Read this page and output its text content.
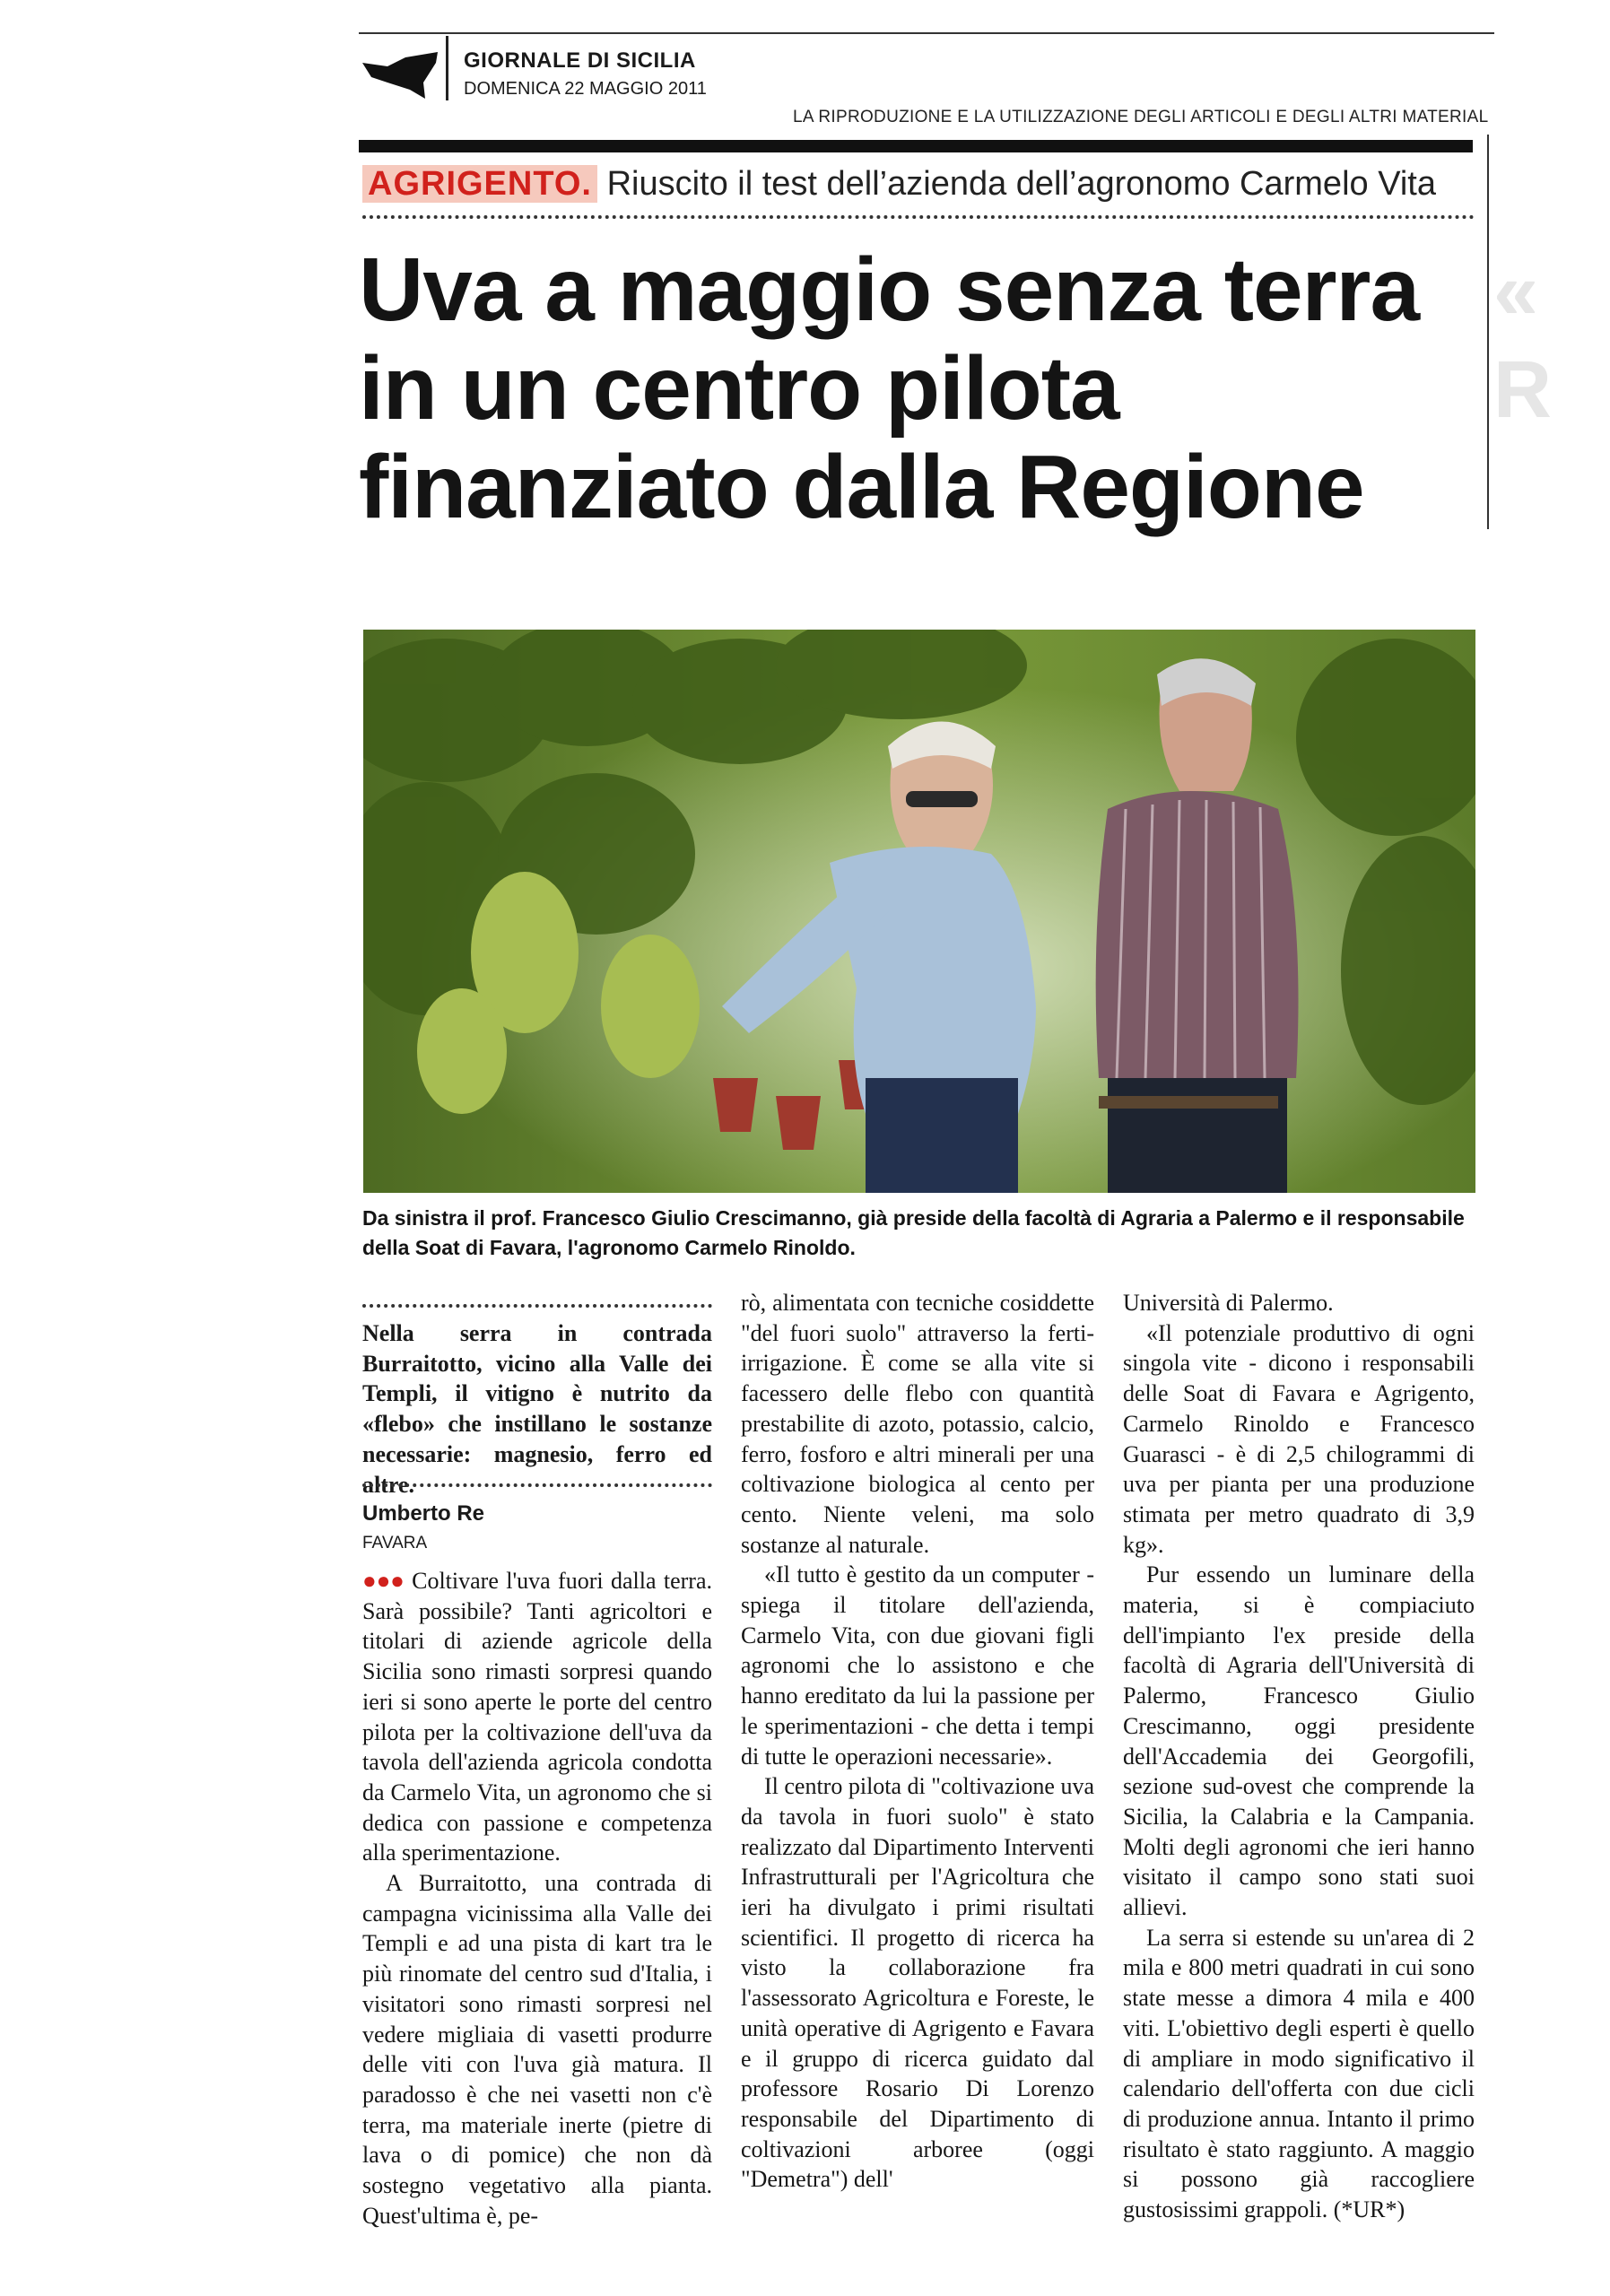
GIORNALE DI SICILIA
DOMENICA 22 MAGGIO 2011
LA RIPRODUZIONE E LA UTILIZZAZIONE DEGLI ARTICOLI E DEGLI ALTRI MATERIAL
«
R
AGRIGENTO. Riuscito il test dell’azienda dell’agronomo Carmelo Vita
Uva a maggio senza terra
in un centro pilota
finanziato dalla Regione
Da sinistra il prof. Francesco Giulio Crescimanno, già preside della facoltà di Agraria a Palermo e il responsabile della Soat di Favara, l'agronomo Carmelo Rinoldo.
Nella serra in contrada Burraitotto, vicino alla Valle dei Templi, il vitigno è nutrito da «flebo» che instillano le sostanze necessarie: magnesio, ferro ed altre.
Umberto Re
FAVARA

●●● Coltivare l'uva fuori dalla terra. Sarà possibile? Tanti agricoltori e titolari di aziende agricole della Sicilia sono rimasti sorpresi quando ieri si sono aperte le porte del centro pilota per la coltivazione dell'uva da tavola dell'azienda agricola condotta da Carmelo Vita, un agronomo che si dedica con passione e competenza alla sperimentazione.

A Burraitotto, una contrada di campagna vicinissima alla Valle dei Templi e ad una pista di kart tra le più rinomate del centro sud d'Italia, i visitatori sono rimasti sorpresi nel vedere migliaia di vasetti produrre delle viti con l'uva già matura. Il paradosso è che nei vasetti non c'è terra, ma materiale inerte (pietre di lava o di pomice) che non dà sostegno vegetativo alla pianta. Quest'ultima è, pe-

rò, alimentata con tecniche cosiddette "del fuori suolo" attraverso la ferti-irrigazione. È come se alla vite si facessero delle flebo con quantità prestabilite di azoto, potassio, calcio, ferro, fosforo e altri minerali per una coltivazione biologica al cento per cento. Niente veleni, ma solo sostanze al naturale.

«Il tutto è gestito da un computer - spiega il titolare dell'azienda, Carmelo Vita, con due giovani figli agronomi che lo assistono e che hanno ereditato da lui la passione per le sperimentazioni - che detta i tempi di tutte le operazioni necessarie».

Il centro pilota di "coltivazione uva da tavola in fuori suolo" è stato realizzato dal Dipartimento Interventi Infrastrutturali per l'Agricoltura che ieri ha divulgato i primi risultati scientifici. Il progetto di ricerca ha visto la collaborazione fra l'assessorato Agricoltura e Foreste, le unità operative di Agrigento e Favara e il gruppo di ricerca guidato dal professore Rosario Di Lorenzo responsabile del Dipartimento di coltivazioni arboree (oggi "Demetra") dell'

Università di Palermo.

«Il potenziale produttivo di ogni singola vite - dicono i responsabili delle Soat di Favara e Agrigento, Carmelo Rinoldo e Francesco Guarasci - è di 2,5 chilogrammi di uva per pianta per una produzione stimata per metro quadrato di 3,9 kg».

Pur essendo un luminare della materia, si è compiaciuto dell'impianto l'ex preside della facoltà di Agraria dell'Università di Palermo, Francesco Giulio Crescimanno, oggi presidente dell'Accademia dei Georgofili, sezione sud-ovest che comprende la Sicilia, la Calabria e la Campania. Molti degli agronomi che ieri hanno visitato il campo sono stati suoi allievi.

La serra si estende su un'area di 2 mila e 800 metri quadrati in cui sono state messe a dimora 4 mila e 400 viti. L'obiettivo degli esperti è quello di ampliare in modo significativo il calendario dell'offerta con due cicli di produzione annua. Intanto il primo risultato è stato raggiunto. A maggio si possono già raccogliere gustosissimi grappoli. (*UR*)
